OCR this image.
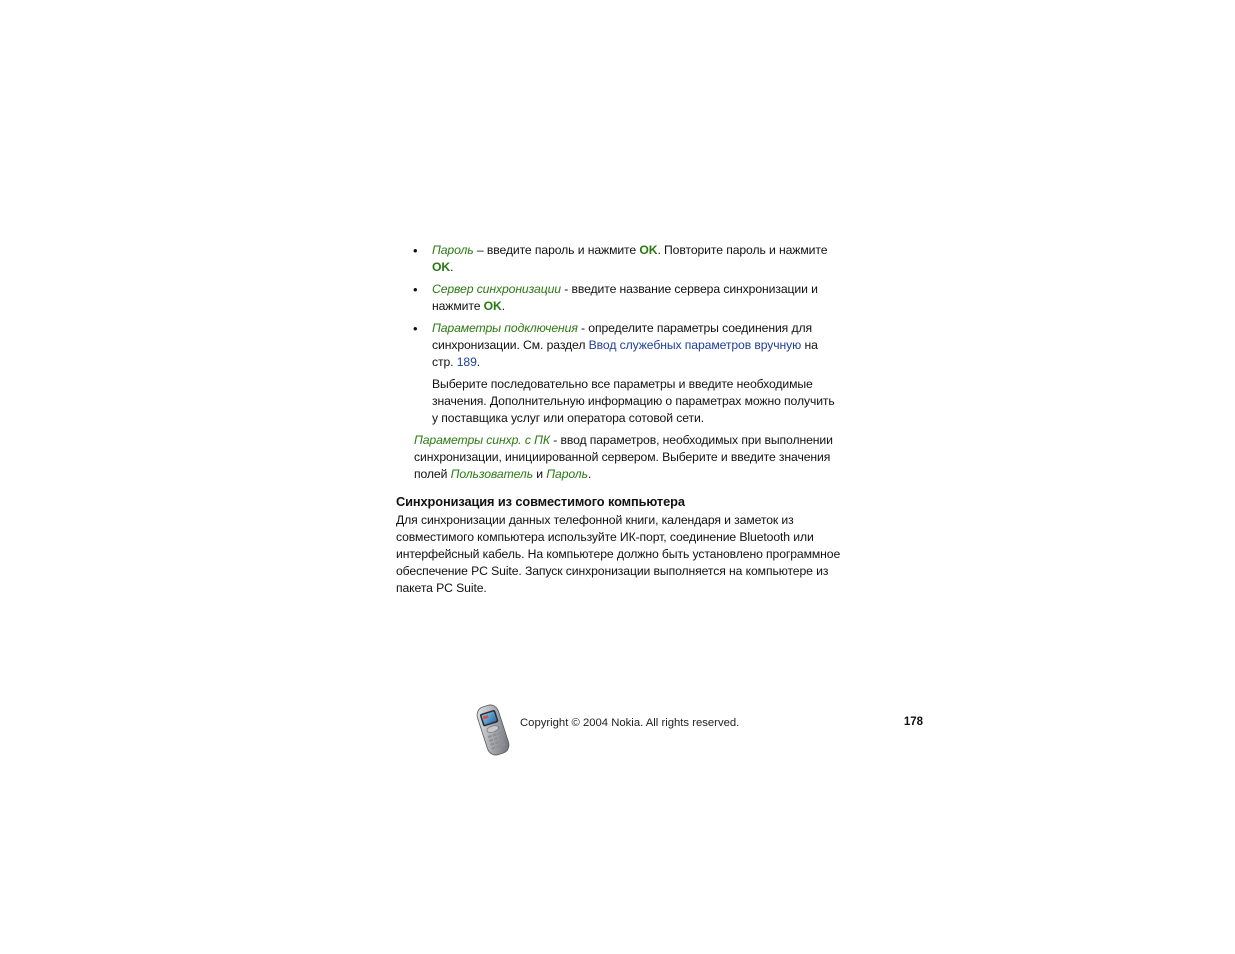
• Пароль – введите пароль и нажмите OK. Повторите пароль и нажмите OK.
• Сервер синхронизации - введите название сервера синхронизации и нажмите OK.
• Параметры подключения - определите параметры соединения для синхронизации. См. раздел Ввод служебных параметров вручную на стр. 189.
Выберите последовательно все параметры и введите необходимые значения. Дополнительную информацию о параметрах можно получить у поставщика услуг или оператора сотовой сети.
Параметры синхр. с ПК - ввод параметров, необходимых при выполнении синхронизации, инициированной сервером. Выберите и введите значения полей Пользователь и Пароль.
Синхронизация из совместимого компьютера

Для синхронизации данных телефонной книги, календаря и заметок из совместимого компьютера используйте ИК-порт, соединение Bluetooth или интерфейсный кабель. На компьютере должно быть установлено программное обеспечение PC Suite. Запуск синхронизации выполняется на компьютере из пакета PC Suite.

Copyright © 2004 Nokia. All rights reserved.	178
